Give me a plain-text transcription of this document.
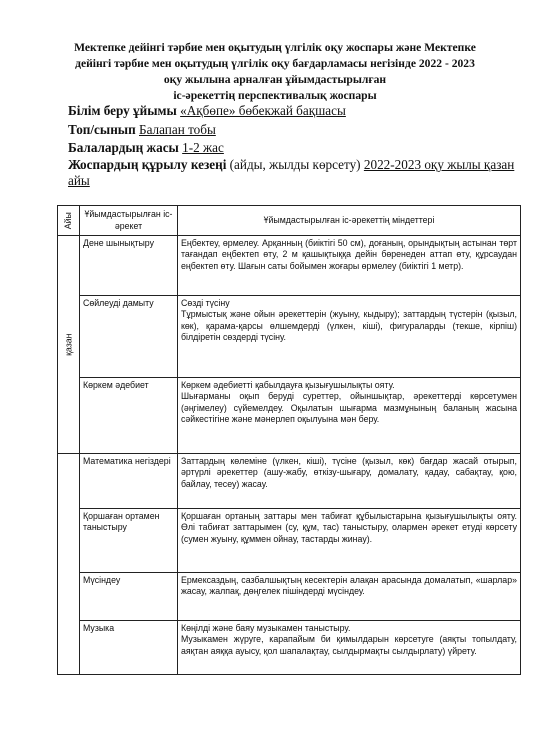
Мектепке дейінгі тәрбие мен оқытудың үлгілік оқу жоспары және Мектепке
дейінгі тәрбие мен оқытудың үлгілік оқу бағдарламасы негізінде 2022 - 2023
оқу жылына арналған ұйымдастырылған
іс-әрекеттің перспективалық жоспары
Білім беру ұйымы «Ақбөпе» бөбекжай бақшасы
Топ/сынып Балапан тобы
Балалардың жасы 1-2 жас
Жоспардың құрылу кезеңі (айды, жылды көрсету) 2022-2023 оқу жылы қазан
айы
Айы	Ұйымдастырылған іс-әрекет	Ұйымдастырылған іс-әрекеттің міндеттері
қазан	Дене шынықтыру	Еңбектеу, өрмелеу. Арқанның (биіктігі 50 см), доғаның, орындықтың астынан төрт тағандап еңбектеп өту, 2 м қашықтыққа дейін бөренеден аттап өту, құрсаудан еңбектеп өту. Шағын саты бойымен жоғары өрмелеу (биіктігі 1 метр).
	Сөйлеуді дамыту	Сөзді түсіну
Тұрмыстық және ойын әрекеттерін (жуыну, кыдыру); заттардың түстерін (қызыл, көк), қарама-қарсы өлшемдерді (үлкен, кіші), фигураларды (текше, кірпіш) білдіретін сөздерді түсіну.
	Көркем әдебиет	Көркем әдебиетті қабылдауға қызығушылықты ояту.
Шығарманы оқып беруді суреттер, ойыншықтар, әрекеттерді көрсетумен (әңгімелеу) сүйемелдеу. Оқылатын шығарма мазмұнының баланың жасына сәйкестігіне және мәнерлеп оқылуына мән беру.
	Математика негіздері	Заттардың көлеміне (үлкен, кіші), түсіне (қызыл, көк) бағдар жасай отырып, әртүрлі әрекеттер (ашу-жабу, өткізу-шығару, домалату, қадау, сабақтау, қою, байлау, тесеу) жасау.
	Қоршаған ортамен таныстыру	Қоршаған ортаның заттары мен табиғат құбылыстарына қызығушылықты ояту. Өлі табиғат заттарымен (су, құм, тас) таныстыру, олармен әрекет етуді көрсету (сумен жуыну, құммен ойнау, тастарды жинау).
	Мүсіндеу	Ермексаздың, сазбалшықтың кесектерін алақан арасында домалатып, «шарлар» жасау, жалпақ, дөңгелек пішіндерді мүсіндеу.
	Музыка	Көңілді және баяу музыкамен таныстыру.
Музыкамен жүруге, карапайым би қимылдарын көрсетуге (аяқты топылдату, аяқтан аяққа ауысу, қол шапалақтау, сылдырмақты сылдырлату) үйрету.
